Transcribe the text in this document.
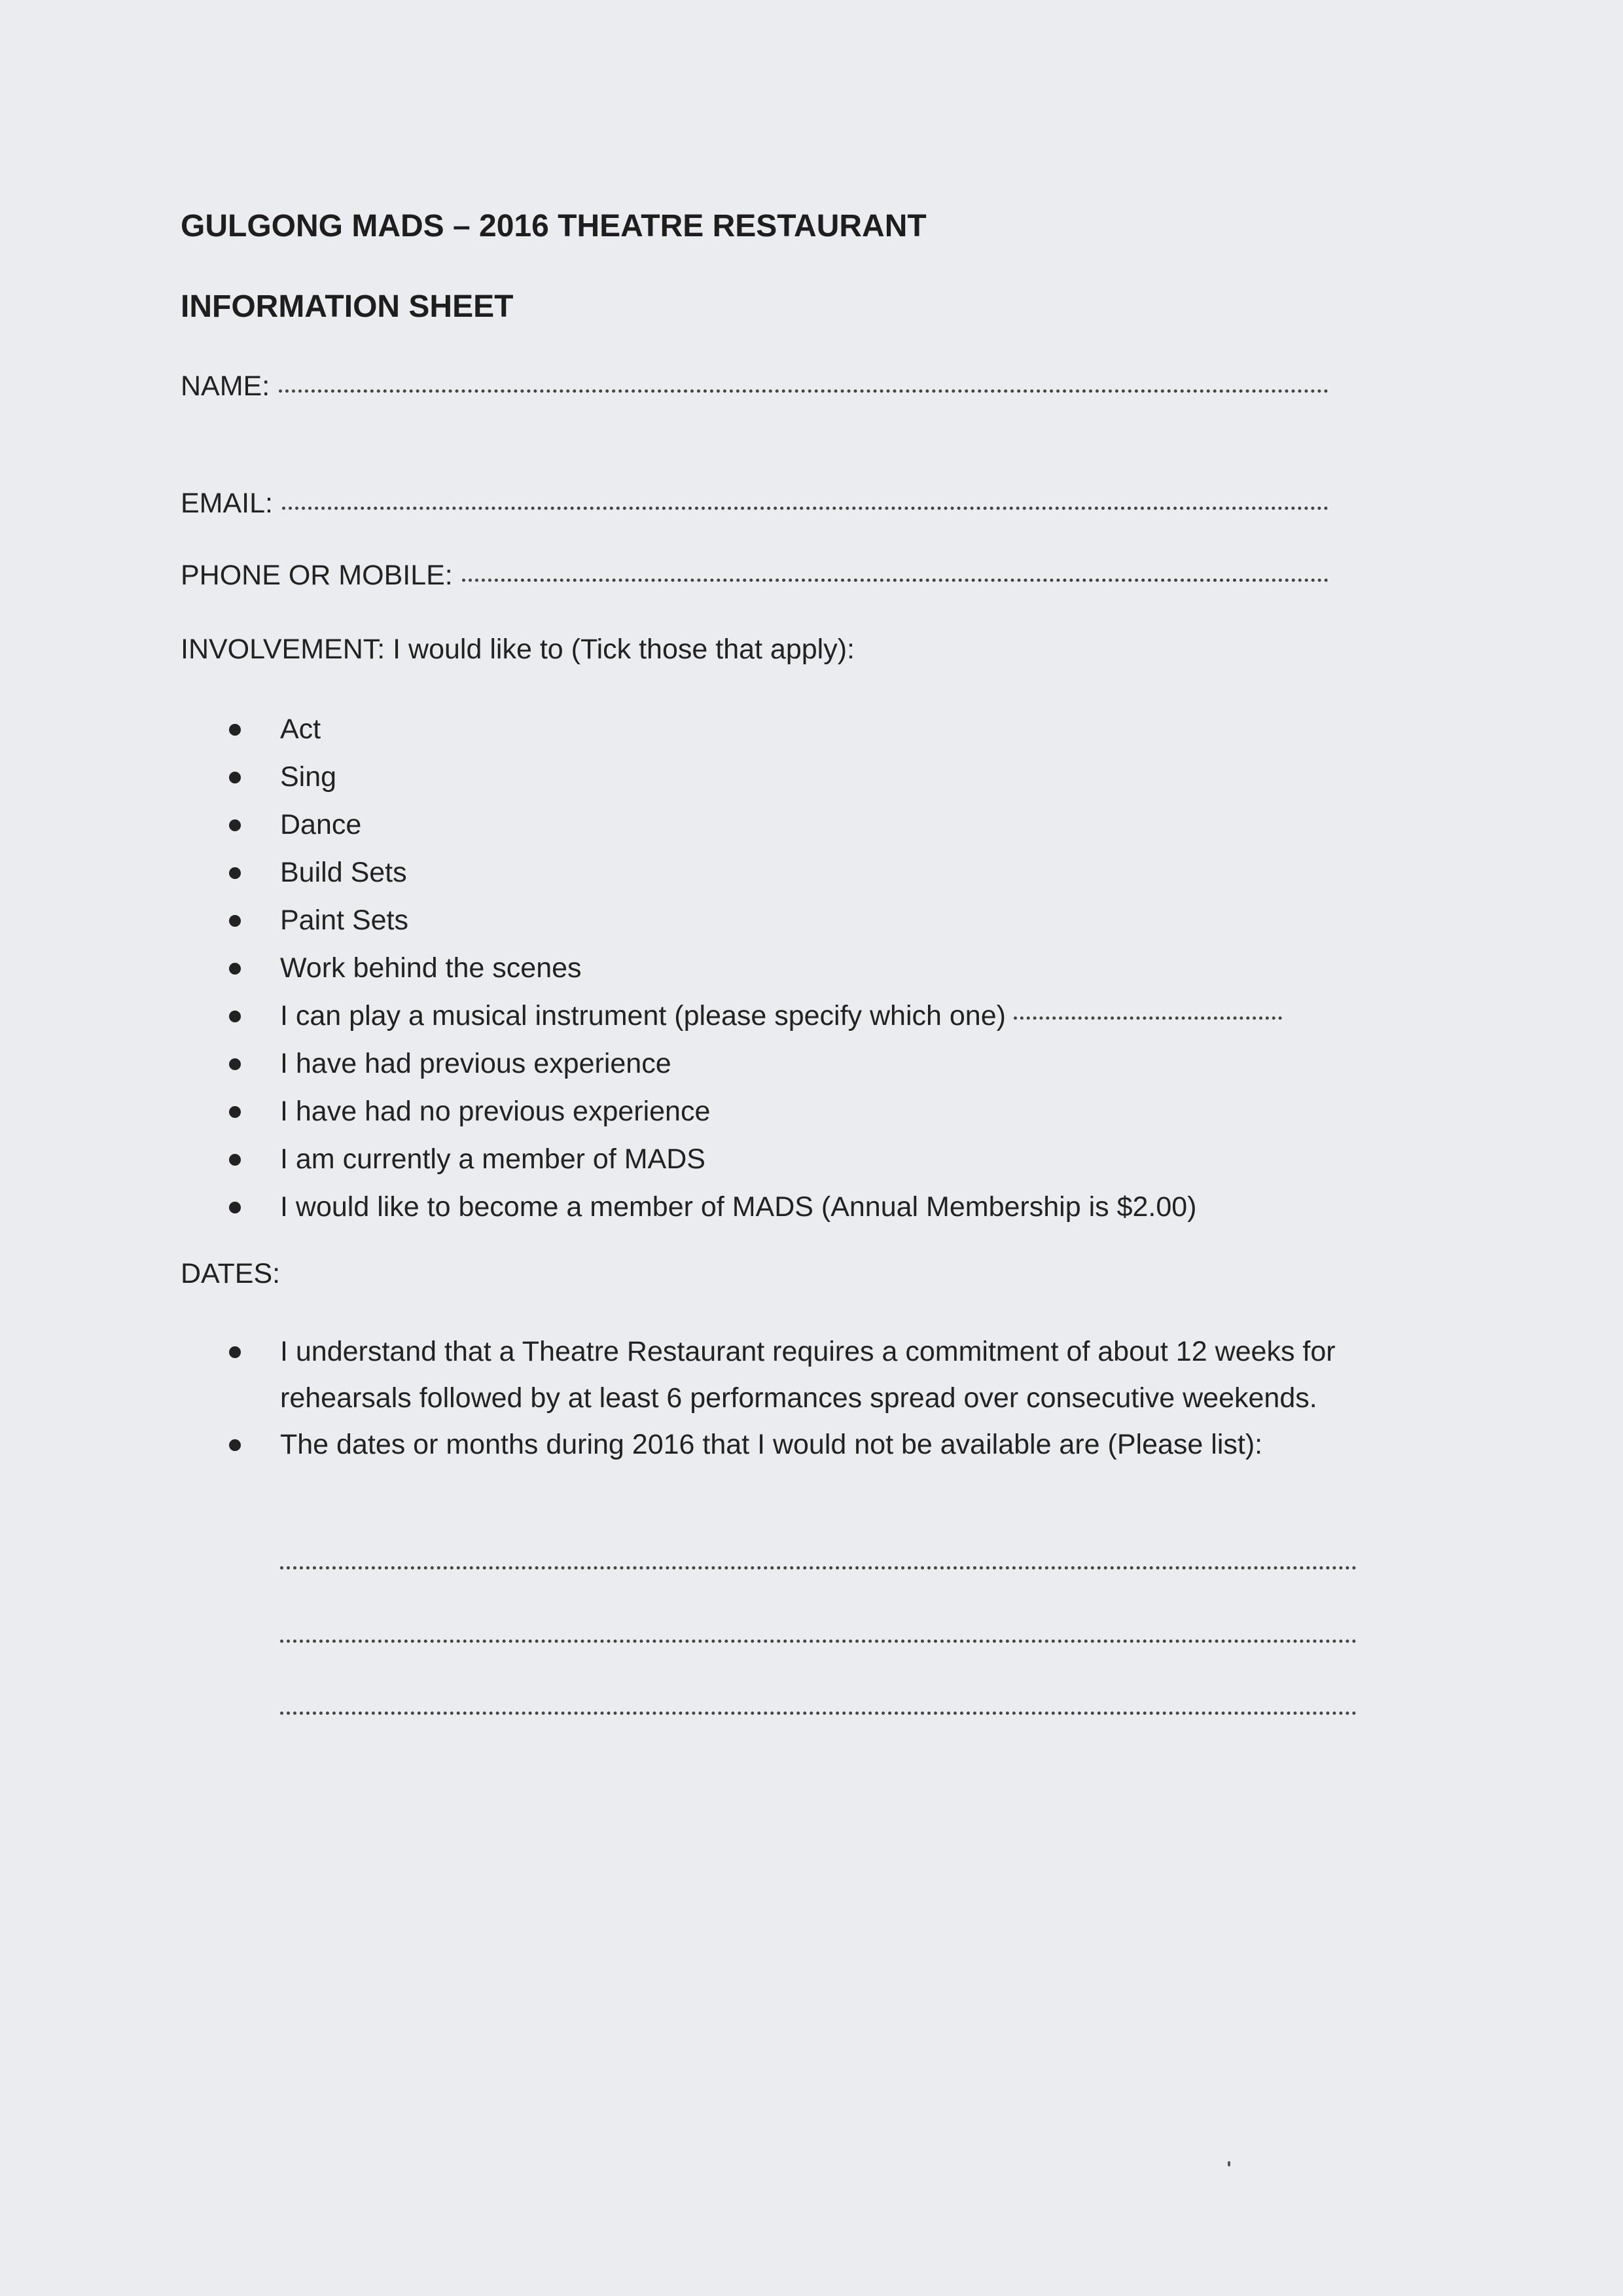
GULGONG MADS – 2016 THEATRE RESTAURANT
INFORMATION SHEET
NAME:
EMAIL:
PHONE OR MOBILE:
INVOLVEMENT: I would like to (Tick those that apply):
Act
Sing
Dance
Build Sets
Paint Sets
Work behind the scenes
I can play a musical instrument (please specify which one)
I have had previous experience
I have had no previous experience
I am currently a member of MADS
I would like to become a member of MADS (Annual Membership is $2.00)
DATES:
I understand that a Theatre Restaurant requires a commitment of about 12 weeks for rehearsals followed by at least 6 performances spread over consecutive weekends.
The dates or months during 2016 that I would not be available are (Please list):
